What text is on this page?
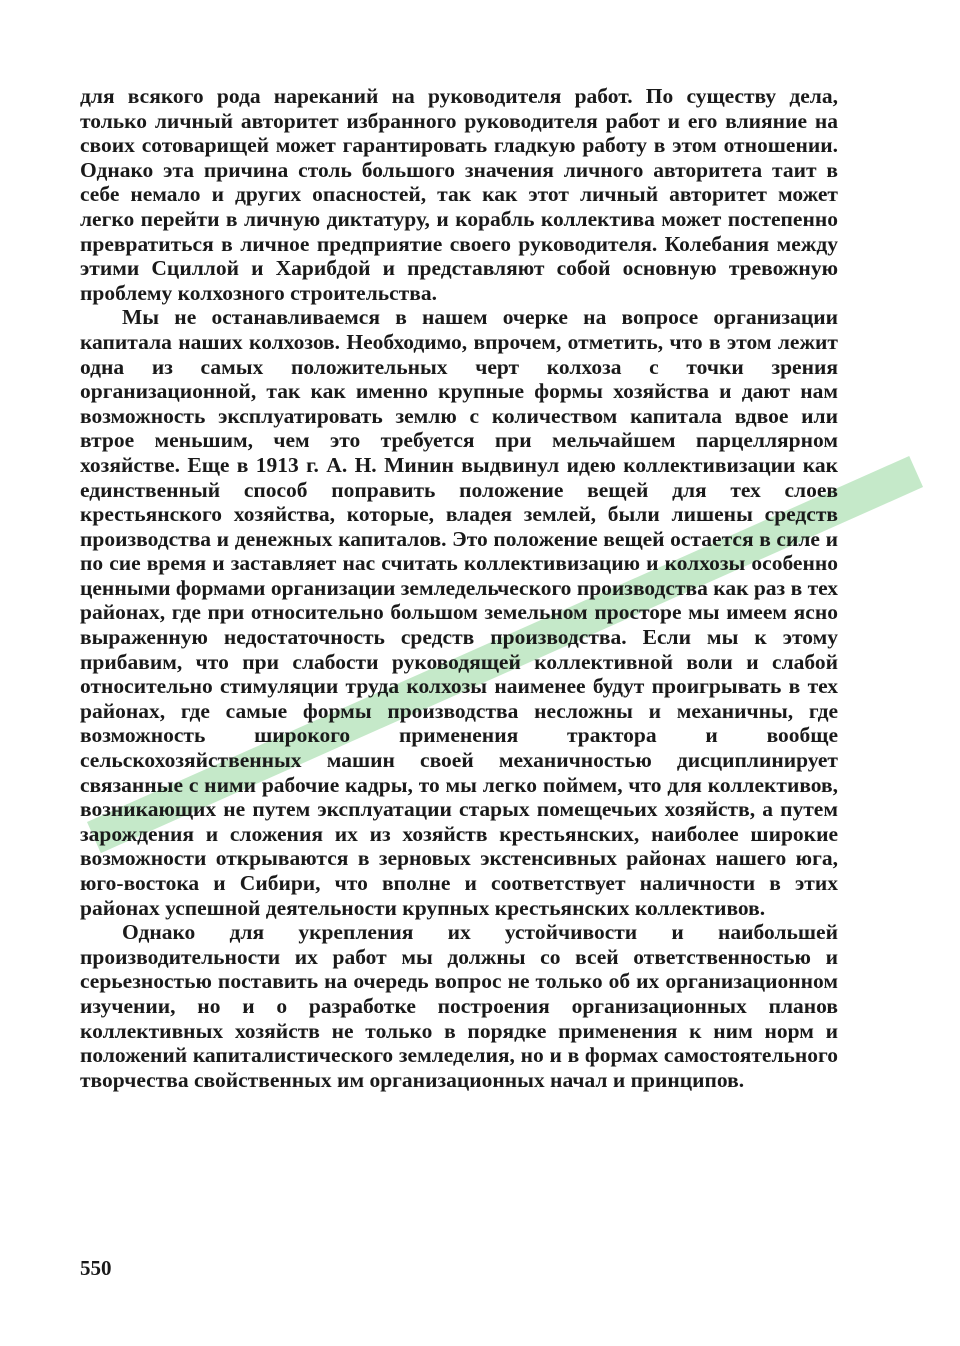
для всякого рода нареканий на руководителя работ. По существу дела, только личный авторитет избранного руководителя работ и его влияние на своих сотоварищей может гарантировать гладкую работу в этом отношении. Однако эта причина столь большого значения личного авторитета таит в себе немало и других опасностей, так как этот личный авторитет может легко перейти в личную диктатуру, и корабль коллектива может постепенно превратиться в личное предприятие своего руководителя. Колебания между этими Сциллой и Харибдой и представляют собой основную тревожную проблему колхозного строительства.

Мы не останавливаемся в нашем очерке на вопросе организации капитала наших колхозов. Необходимо, впрочем, отметить, что в этом лежит одна из самых положительных черт колхоза с точки зрения организационной, так как именно крупные формы хозяйства и дают нам возможность эксплуатировать землю с количеством капитала вдвое или втрое меньшим, чем это требуется при мельчайшем парцеллярном хозяйстве. Еще в 1913 г. А. Н. Минин выдвинул идею коллективизации как единственный способ поправить положение вещей для тех слоев крестьянского хозяйства, которые, владея землей, были лишены средств производства и денежных капиталов. Это положение вещей остается в силе и по сие время и заставляет нас считать коллективизацию и колхозы особенно ценными формами организации земледельческого производства как раз в тех районах, где при относительно большом земельном просторе мы имеем ясно выраженную недостаточность средств производства. Если мы к этому прибавим, что при слабости руководящей коллективной воли и слабой относительно стимуляции труда колхозы наименее будут проигрывать в тех районах, где самые формы производства несложны и механичны, где возможность широкого применения трактора и вообще сельскохозяйственных машин своей механичностью дисциплинирует связанные с ними рабочие кадры, то мы легко поймем, что для коллективов, возникающих не путем эксплуатации старых помещечьих хозяйств, а путем зарождения и сложения их из хозяйств крестьянских, наиболее широкие возможности открываются в зерновых экстенсивных районах нашего юга, юго-востока и Сибири, что вполне и соответствует наличности в этих районах успешной деятельности крупных крестьянских коллективов.

Однако для укрепления их устойчивости и наибольшей производительности их работ мы должны со всей ответственностью и серьезностью поставить на очередь вопрос не только об их организационном изучении, но и о разработке построения организационных планов коллективных хозяйств не только в порядке применения к ним норм и положений капиталистического земледелия, но и в формах самостоятельного творчества свойственных им организационных начал и принципов.

550
